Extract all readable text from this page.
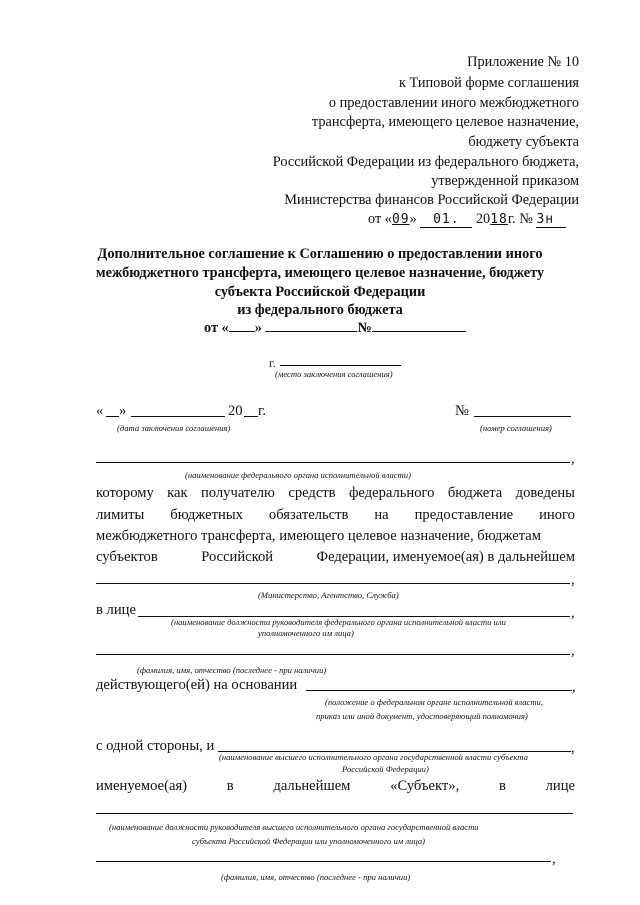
Приложение № 10
к Типовой форме соглашения
о предоставлении иного межбюджетного
трансферта, имеющего целевое назначение,
бюджету субъекта
Российской Федерации из федерального бюджета,
утвержденной приказом
Министерства финансов Российской Федерации
от «09» 01. 2018г. № 3н
Дополнительное соглашение к Соглашению о предоставлении иного
межбюджетного трансферта, имеющего целевое назначение, бюджету
субъекта Российской Федерации
из федерального бюджета
от « »	№
г.
(место заключения соглашения)
« »	20 г.
(дата заключения соглашения)
№
(номер соглашения)
,
(наименование федерального органа исполнительной власти)
которому как получателю средств федерального бюджета доведены
лимиты бюджетных обязательств на предоставление иного
межбюджетного трансферта, имеющего целевое назначение, бюджетам
субъектов	Российской	Федерации, именуемое(ая) в дальнейшем
,
(Министерство, Агентство, Служба)
в лице	,
(наименование должности руководителя федерального органа исполнительной власти или
уполномоченного им лица)
,
(фамилия, имя, отчество (последнее - при наличии)
действующего(ей) на основании	,
(положение о федеральном органе исполнительной власти,
приказ или иной документ, удостоверяющий полномочия)
с одной стороны, и	,
(наименование высшего исполнительного органа государственной власти субъекта
Российской Федерации)
именуемое(ая)	в	дальнейшем	«Субъект»,	в	лице
(наименование должности руководителя высшего исполнительного органа государственной власти
субъекта Российской Федерации или уполномоченного им лица)
,
(фамилия, имя, отчество (последнее - при наличии)
